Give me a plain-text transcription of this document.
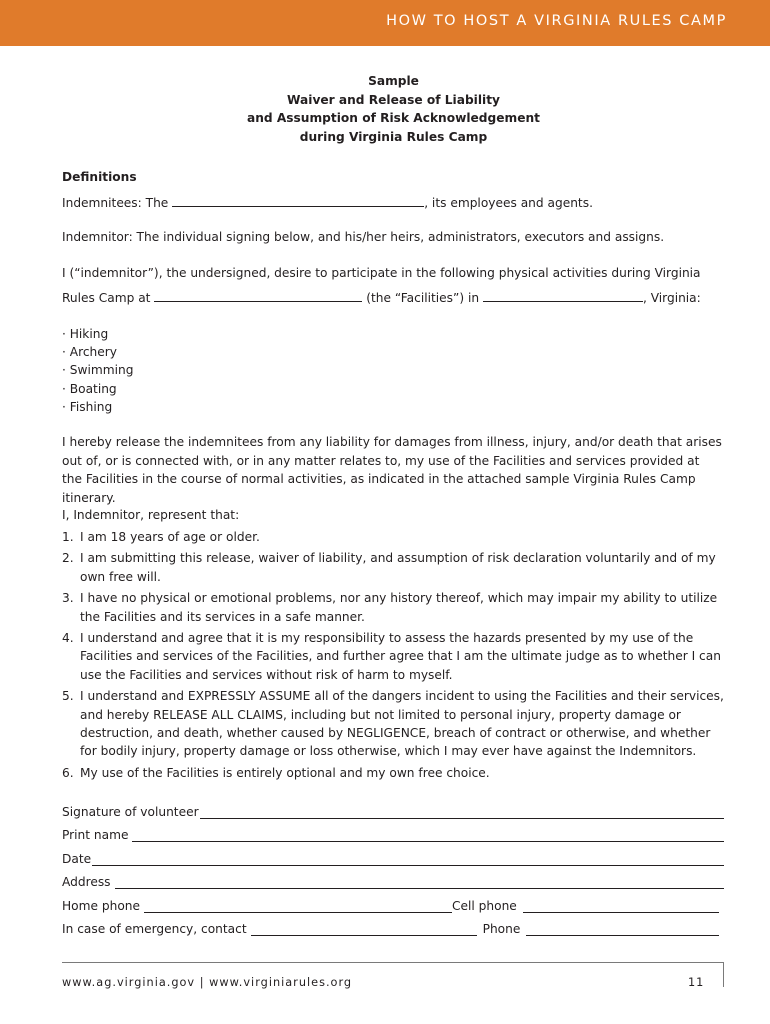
HOW TO HOST A VIRGINIA RULES CAMP
Sample
Waiver and Release of Liability
and Assumption of Risk Acknowledgement
during Virginia Rules Camp
Definitions
Indemnitees: The	, its employees and agents.
Indemnitor: The individual signing below, and his/her heirs, administrators, executors and assigns.
I (“indemnitor”), the undersigned, desire to participate in the following physical activities during Virginia
Rules Camp at	(the “Facilities”) in	, Virginia:
· Hiking
· Archery
· Swimming
· Boating
· Fishing
I hereby release the indemnitees from any liability for damages from illness, injury, and/or death that arises out of, or is connected with, or in any matter relates to, my use of the Facilities and services provided at the Facilities in the course of normal activities, as indicated in the attached sample Virginia Rules Camp itinerary.
I, Indemnitor, represent that:
1. I am 18 years of age or older.
2. I am submitting this release, waiver of liability, and assumption of risk declaration voluntarily and of my own free will.
3. I have no physical or emotional problems, nor any history thereof, which may impair my ability to utilize the Facilities and its services in a safe manner.
4. I understand and agree that it is my responsibility to assess the hazards presented by my use of the Facilities and services of the Facilities, and further agree that I am the ultimate judge as to whether I can use the Facilities and services without risk of harm to myself.
5. I understand and EXPRESSLY ASSUME all of the dangers incident to using the Facilities and their services, and hereby RELEASE ALL CLAIMS, including but not limited to personal injury, property damage or destruction, and death, whether caused by NEGLIGENCE, breach of contract or otherwise, and whether for bodily injury, property damage or loss otherwise, which I may ever have against the Indemnitors.
6. My use of the Facilities is entirely optional and my own free choice.
Signature of volunteer
Print name
Date
Address
Home phone	Cell phone
In case of emergency, contact	Phone
www.ag.virginia.gov | www.virginiarules.org	11
